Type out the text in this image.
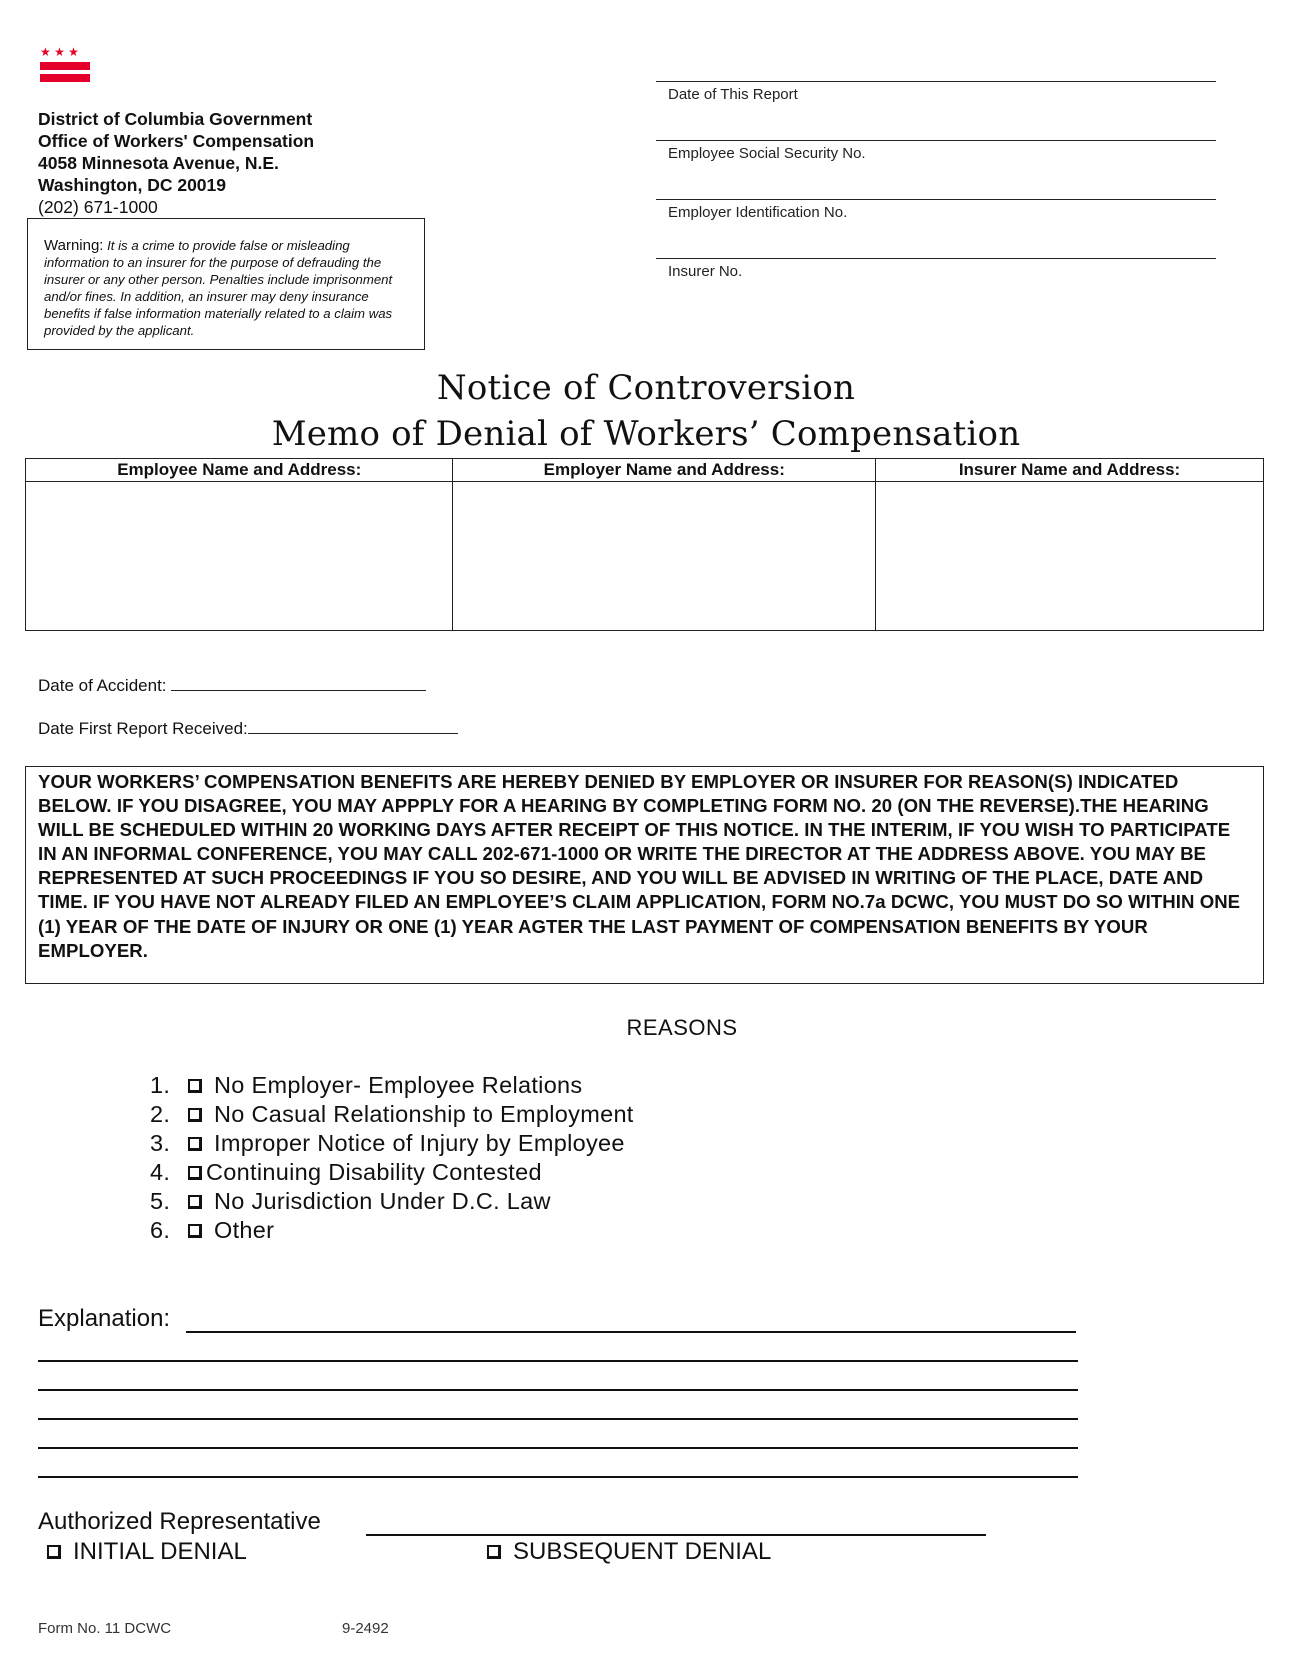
★ ★ ★
District of Columbia Government
Office of Workers' Compensation
4058 Minnesota Avenue, N.E.
Washington, DC 20019
(202) 671-1000
Warning: It is a crime to provide false or misleading information to an insurer for the purpose of defrauding the insurer or any other person. Penalties include imprisonment and/or fines. In addition, an insurer may deny insurance benefits if false information materially related to a claim was provided by the applicant.
Date of This Report
Employee Social Security No.
Employer Identification No.
Insurer No.
Notice of Controversion
Memo of Denial of Workers’ Compensation
Employee Name and Address:	Employer Name and Address:	Insurer Name and Address:

Date of Accident:
Date First Report Received:
YOUR WORKERS’ COMPENSATION BENEFITS ARE HEREBY DENIED BY EMPLOYER OR INSURER FOR REASON(S) INDICATED BELOW. IF YOU DISAGREE, YOU MAY APPPLY FOR A HEARING BY COMPLETING FORM NO. 20 (ON THE REVERSE).THE HEARING WILL BE SCHEDULED WITHIN 20 WORKING DAYS AFTER RECEIPT OF THIS NOTICE. IN THE INTERIM, IF YOU WISH TO PARTICIPATE IN AN INFORMAL CONFERENCE, YOU MAY CALL 202-671-1000 OR WRITE THE DIRECTOR AT THE ADDRESS ABOVE. YOU MAY BE REPRESENTED AT SUCH PROCEEDINGS IF YOU SO DESIRE, AND YOU WILL BE ADVISED IN WRITING OF THE PLACE, DATE AND TIME. IF YOU HAVE NOT ALREADY FILED AN EMPLOYEE’S CLAIM APPLICATION, FORM NO.7a DCWC, YOU MUST DO SO WITHIN ONE (1) YEAR OF THE DATE OF INJURY OR ONE (1) YEAR AGTER THE LAST PAYMENT OF COMPENSATION BENEFITS BY YOUR EMPLOYER.
REASONS
1.	No Employer- Employee Relations
2.	No Casual Relationship to Employment
3.	Improper Notice of Injury by Employee
4.	Continuing Disability Contested
5.	No Jurisdiction Under D.C. Law
6.	Other
Explanation:
Authorized Representative
INITIAL DENIAL	SUBSEQUENT DENIAL
Form No. 11 DCWC	9-2492
